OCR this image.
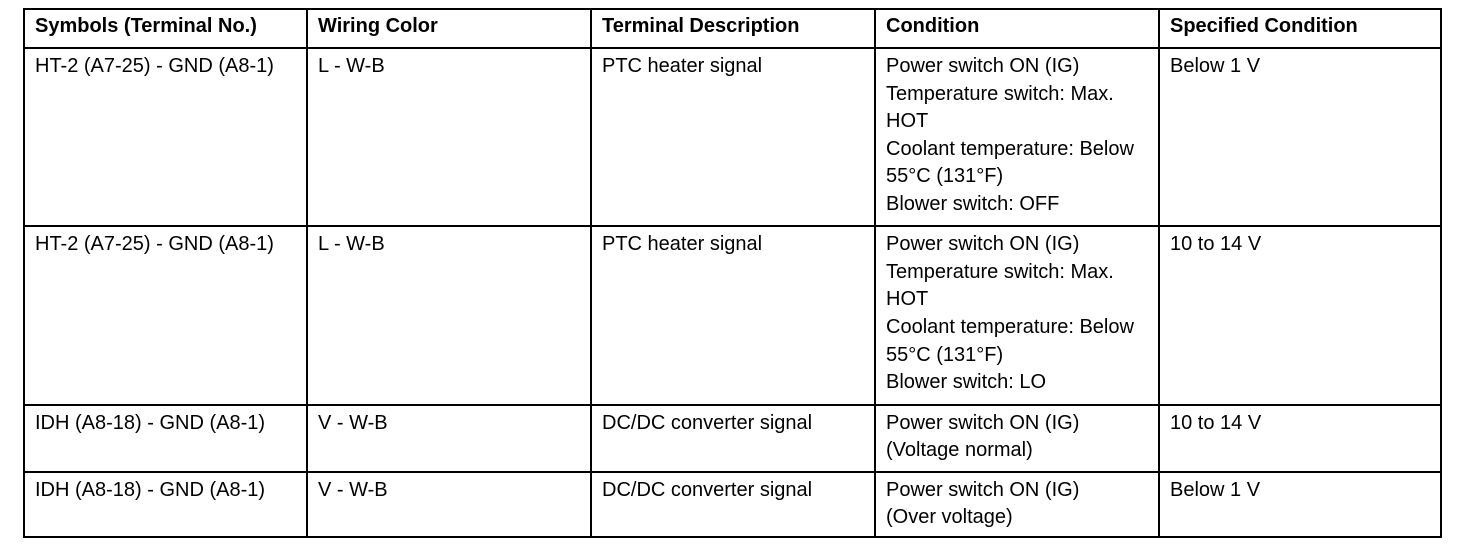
Symbols (Terminal No.)	Wiring Color	Terminal Description	Condition	Specified Condition
HT-2 (A7-25) - GND (A8-1)	L - W-B	PTC heater signal	Power switch ON (IG)
Temperature switch: Max. HOT
Coolant temperature: Below 55°C (131°F)
Blower switch: OFF	Below 1 V
HT-2 (A7-25) - GND (A8-1)	L - W-B	PTC heater signal	Power switch ON (IG)
Temperature switch: Max. HOT
Coolant temperature: Below 55°C (131°F)
Blower switch: LO	10 to 14 V
IDH (A8-18) - GND (A8-1)	V - W-B	DC/DC converter signal	Power switch ON (IG)
(Voltage normal)	10 to 14 V
IDH (A8-18) - GND (A8-1)	V - W-B	DC/DC converter signal	Power switch ON (IG)
(Over voltage)	Below 1 V
